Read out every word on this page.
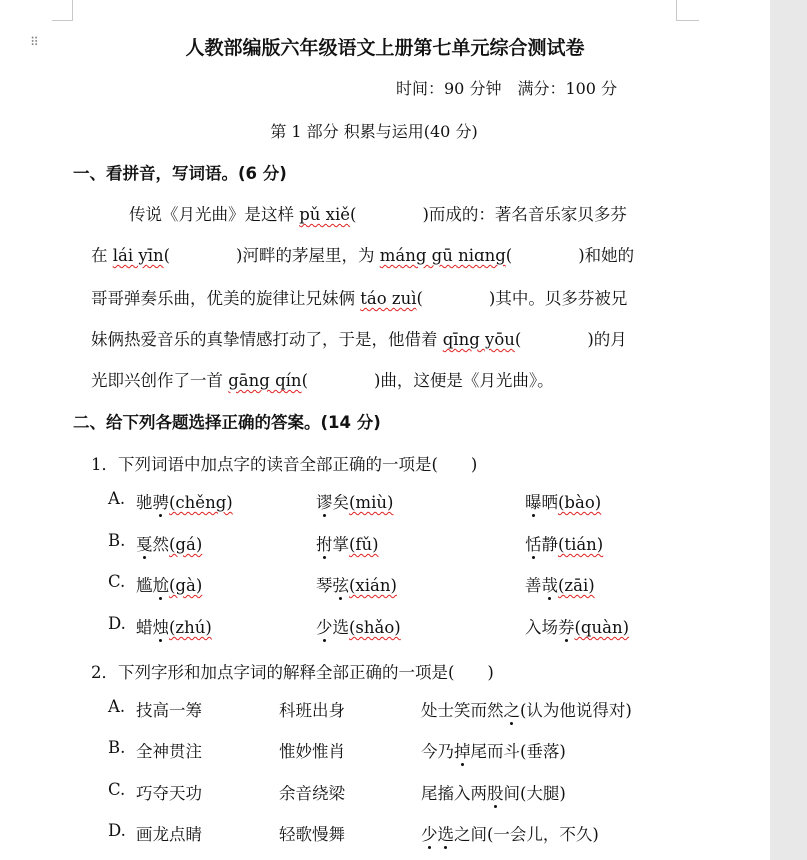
⠿	人教部编版六年级语文上册第七单元综合测试卷
时间：90 分钟　满分：100 分
第 1 部分 积累与运用(40 分)
一、看拼音，写词语。(6 分)
传说《月光曲》是这样 pǔ xiě(　　　　)而成的：著名音乐家贝多芬
在 lái yīn(　　　　)河畔的茅屋里，为 máng gū niɑng(　　　　)和她的
哥哥弹奏乐曲，优美的旋律让兄妹俩 táo zuì(　　　　)其中。贝多芬被兄
妹俩热爱音乐的真挚情感打动了，于是，他借着 qīng yōu(　　　　)的月
光即兴创作了一首 gāng qín(　　　　)曲，这便是《月光曲》。
二、给下列各题选择正确的答案。(14 分)
1．下列词语中加点字的读音全部正确的一项是(　　)
A. 驰骋(chěng)	谬矣(miù)	曝晒(bào)
B. 戛然(gá)	拊掌(fǔ)	恬静(tián)
C. 尴尬(gà)	琴弦(xián)	善哉(zāi)
D. 蜡烛(zhú)	少选(shǎo)	入场券(quàn)
2．下列字形和加点字词的解释全部正确的一项是(　　)
A. 技高一筹	科班出身	处士笑而然之(认为他说得对)
B. 全神贯注	惟妙惟肖	今乃掉尾而斗(垂落)
C. 巧夺天功	余音绕梁	尾搐入两股间(大腿)
D. 画龙点睛	轻歌慢舞	少选之间(一会儿，不久)
